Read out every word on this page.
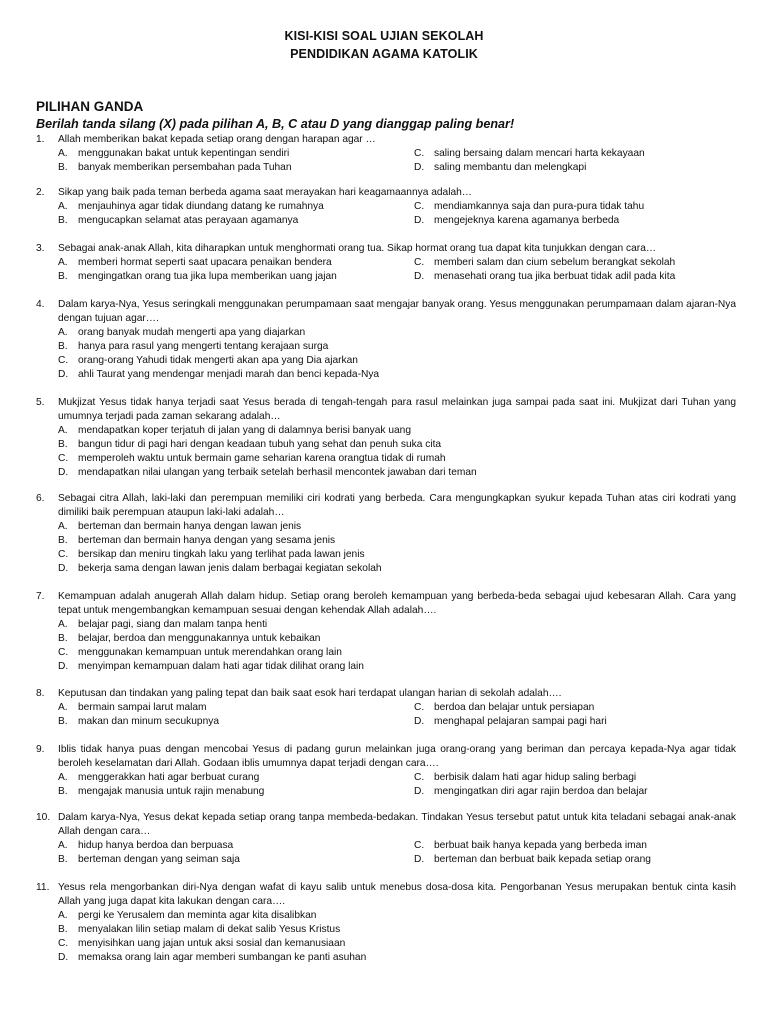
KISI-KISI SOAL UJIAN SEKOLAH
PENDIDIKAN AGAMA KATOLIK
PILIHAN GANDA
Berilah tanda silang (X) pada pilihan A, B, C atau D yang dianggap paling benar!
1.	Allah memberikan bakat kepada setiap orang dengan harapan agar …
A.	menggunakan bakat untuk kepentingan sendiri	C. saling bersaing dalam mencari harta kekayaan
B.	banyak memberikan persembahan pada Tuhan	D. saling membantu dan melengkapi
2.	Sikap yang baik pada teman berbeda agama saat merayakan hari keagamaannya adalah…
A.	menjauhinya agar tidak diundang datang ke rumahnya	C. mendiamkannya saja dan pura-pura tidak tahu
B.	mengucapkan selamat atas perayaan agamanya	D. mengejeknya karena agamanya berbeda
3.	Sebagai anak-anak Allah, kita diharapkan untuk menghormati orang tua. Sikap hormat orang tua dapat kita tunjukkan dengan cara…
A.	memberi hormat seperti saat upacara penaikan bendera	C. memberi salam dan cium sebelum berangkat sekolah
B.	mengingatkan orang tua jika lupa memberikan uang jajan	D. menasehati orang tua jika berbuat tidak adil pada kita
4.	Dalam karya-Nya, Yesus seringkali menggunakan perumpamaan saat mengajar banyak orang. Yesus menggunakan perumpamaan dalam ajaran-Nya dengan tujuan agar….
A.	orang banyak mudah mengerti apa yang diajarkan
B.	hanya para rasul yang mengerti tentang kerajaan surga
C. orang-orang Yahudi tidak mengerti akan apa yang Dia ajarkan
D. ahli Taurat yang mendengar menjadi marah dan benci kepada-Nya
5.	Mukjizat Yesus tidak hanya terjadi saat Yesus berada di tengah-tengah para rasul melainkan juga sampai pada saat ini. Mukjizat dari Tuhan yang umumnya terjadi pada zaman sekarang adalah…
A.	mendapatkan koper terjatuh di jalan yang di dalamnya berisi banyak uang
B.	bangun tidur di pagi hari dengan keadaan tubuh yang sehat dan penuh suka cita
C. memperoleh waktu untuk bermain game seharian karena orangtua tidak di rumah
D. mendapatkan nilai ulangan yang terbaik setelah berhasil mencontek jawaban dari teman
6.	Sebagai citra Allah, laki-laki dan perempuan memiliki ciri kodrati yang berbeda. Cara mengungkapkan syukur kepada Tuhan atas ciri kodrati yang dimiliki baik perempuan ataupun laki-laki adalah…
A.	berteman dan bermain hanya dengan lawan jenis
B.	berteman dan bermain hanya dengan yang sesama jenis
C. bersikap dan meniru tingkah laku yang terlihat pada lawan jenis
D. bekerja sama dengan lawan jenis dalam berbagai kegiatan sekolah
7.	Kemampuan adalah anugerah Allah dalam hidup. Setiap orang beroleh kemampuan yang berbeda-beda sebagai ujud kebesaran Allah. Cara yang tepat untuk mengembangkan kemampuan sesuai dengan kehendak Allah adalah….
A.	belajar pagi, siang dan malam tanpa henti
B.	belajar, berdoa dan menggunakannya untuk kebaikan
C. menggunakan kemampuan untuk merendahkan orang lain
D. menyimpan kemampuan dalam hati agar tidak dilihat orang lain
8.	Keputusan dan tindakan yang paling tepat dan baik saat esok hari terdapat ulangan harian di sekolah adalah….
A.	bermain sampai larut malam	C. berdoa dan belajar untuk persiapan
B.	makan dan minum secukupnya	D. menghapal pelajaran sampai pagi hari
9.	Iblis tidak hanya puas dengan mencobai Yesus di padang gurun melainkan juga orang-orang yang beriman dan percaya kepada-Nya agar tidak beroleh keselamatan dari Allah. Godaan iblis umumnya dapat terjadi dengan cara….
A.	menggerakkan hati agar berbuat curang	C. berbisik dalam hati agar hidup saling berbagi
B.	mengajak manusia untuk rajin menabung	D. mengingatkan diri agar rajin berdoa dan belajar
10. Dalam karya-Nya, Yesus dekat kepada setiap orang tanpa membeda-bedakan. Tindakan Yesus tersebut patut untuk kita teladani sebagai anak-anak Allah dengan cara…
A.	hidup hanya berdoa dan berpuasa	C. berbuat baik hanya kepada yang berbeda iman
B.	berteman dengan yang seiman saja	D. berteman dan berbuat baik kepada setiap orang
11. Yesus rela mengorbankan diri-Nya dengan wafat di kayu salib untuk menebus dosa-dosa kita. Pengorbanan Yesus merupakan bentuk cinta kasih Allah yang juga dapat kita lakukan dengan cara….
A.	pergi ke Yerusalem dan meminta agar kita disalibkan
B.	menyalakan lilin setiap malam di dekat salib Yesus Kristus
C. menyisihkan uang jajan untuk aksi sosial dan kemanusiaan
D. memaksa orang lain agar memberi sumbangan ke panti asuhan
